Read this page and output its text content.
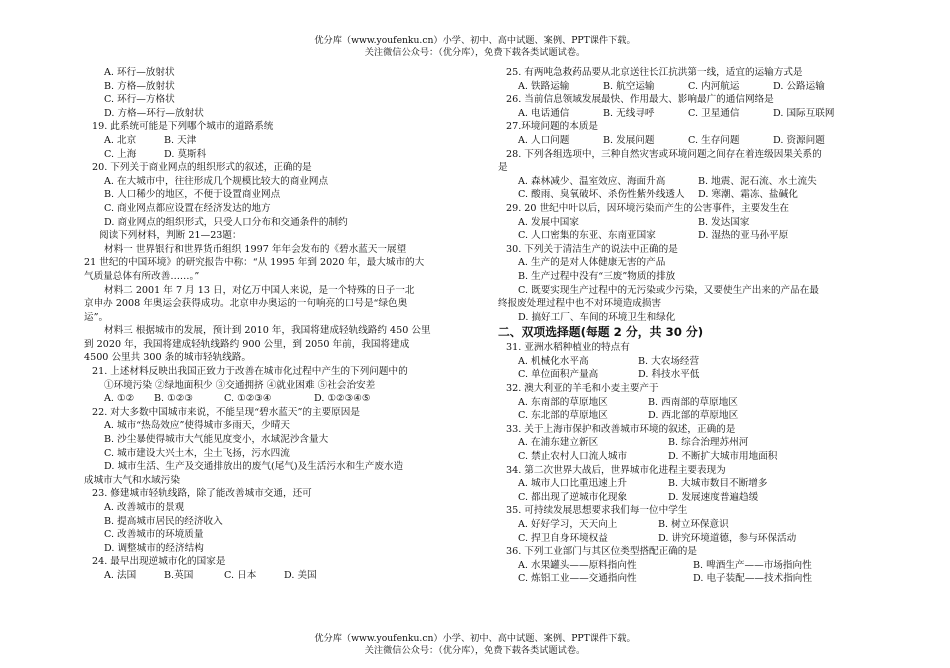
优分库（www.youfenku.cn）小学、初中、高中试题、案例、PPT课件下载。
关注微信公众号：（优分库），免费下载各类试题试卷。
A. 环行—放射状
B. 方格—放射状
C. 环行—方格状
D. 方格—环行—放射状
19. 此系统可能是下列哪个城市的道路系统
A. 北京	B. 天津
C. 上海	D. 莫斯科
20. 下列关于商业网点的组织形式的叙述，正确的是
A. 在大城市中，往往形成几个规模比较大的商业网点
B. 人口稀少的地区，不便于设置商业网点
C. 商业网点都应设置在经济发达的地方
D. 商业网点的组织形式，只受人口分布和交通条件的制约
阅读下列材料，判断 21—23题：
材料一 世界银行和世界货币组织 1997 年年会发布的《碧水蓝天一展望
21 世纪的中国环境》的研究报告中称：“从 1995 年到 2020 年，最大城市的大
气质量总体有所改善……。”
材料二 2001 年 7 月 13 日，对亿万中国人来说，是一个特殊的日子一北
京申办 2008 年奥运会获得成功。北京申办奥运的一句响亮的口号是“绿色奥
运”。
材料三 根据城市的发展，预计到 2010 年，我国将建成轻轨线路约 450 公里
到 2020 年，我国将建成轻轨线路约 900 公里，到 2050 年前，我国将建成
4500 公里共 300 条的城市轻轨线路。
21. 上述材料反映出我国正致力于改善在城市化过程中产生的下列问题中的
①环境污染 ②绿地面积少 ③交通拥挤 ④就业困难 ⑤社会治安差
A. ①②	B. ①②③	C. ①②③④	D. ①②③④⑤
22. 对大多数中国城市来说，不能呈现“碧水蓝天”的主要原因是
A. 城市“热岛效应”使得城市多雨天，少晴天
B. 沙尘暴使得城市大气能见度变小，水域泥沙含量大
C. 城市建设大兴土木，尘土飞扬，污水四流
D. 城市生活、生产及交通排放出的废气(尾气)及生活污水和生产废水造
成城市大气和水域污染
23. 修建城市轻轨线路，除了能改善城市交通，还可
A. 改善城市的景观
B. 提高城市居民的经济收入
C. 改善城市的环境质量
D. 调整城市的经济结构
24. 最早出现逆城市化的国家是
A. 法国	B.英国	C. 日本	D. 美国
25. 有两吨急救药品要从北京送往长江抗洪第一线，适宜的运输方式是
A. 铁路运输	B. 航空运输	C. 内河航运	D. 公路运输
26. 当前信息领域发展最快、作用最大、影响最广的通信网络是
A. 电话通信	B. 无线寻呼	C. 卫星通信	D. 国际互联网
27.环境问题的本质是
A. 人口问题	B. 发展问题	C. 生存问题	D. 资源问题
28. 下列各组选项中，三种自然灾害或环境问题之间存在着连级因果关系的
是
A. 森林减少、温室效应、海面升高	B. 地震、泥石流、水土流失
C. 酸雨、臭氧破坏、杀伤性紫外线透人	D. 寒潮、霜冻、盐碱化
29. 20 世纪中叶以后，因环境污染而产生的公害事件，主要发生在
A. 发展中国家	B. 发达国家
C. 人口密集的东亚、东南亚国家	D. 湿热的亚马孙平原
30. 下列关于清洁生产的说法中正确的是
A. 生产的是对人体健康无害的产品
B. 生产过程中没有“三废”物质的排放
C. 既要实现生产过程中的无污染或少污染，又要使生产出来的产品在最
终报废处理过程中也不对环境造成损害
D. 搞好工厂、车间的环境卫生和绿化
二、双项选择题(每题 2 分，共 30 分)
31. 亚洲水稻种植业的特点有
A. 机械化水平高	B. 大农场经营
C. 单位面积产量高	D. 科技水平低
32. 澳大利亚的羊毛和小麦主要产于
A. 东南部的草原地区	B. 西南部的草原地区
C. 东北部的草原地区	D. 西北部的草原地区
33. 关于上海市保护和改善城市环境的叙述，正确的是
A. 在浦东建立新区	B. 综合治理苏州河
C. 禁止农村人口流人城市	D. 不断扩大城市用地面积
34. 第二次世界大战后，世界城市化进程主要表现为
A. 城市人口比重迅速上升	B. 大城市数目不断增多
C. 都出现了逆城市化现象	D. 发展速度普遍趋缓
35. 可持续发展思想要求我们每一位中学生
A. 好好学习，天天向上	B. 树立环保意识
C. 捍卫自身环境权益	D. 讲究环境道德，参与环保活动
36. 下列工业部门与其区位类型搭配正确的是
A. 水果罐头——原料指向性	B. 啤酒生产——市场指向性
C. 炼铝工业——交通指向性	D. 电子装配——技术指向性
优分库（www.youfenku.cn）小学、初中、高中试题、案例、PPT课件下载。
关注微信公众号：（优分库），免费下载各类试题试卷。
